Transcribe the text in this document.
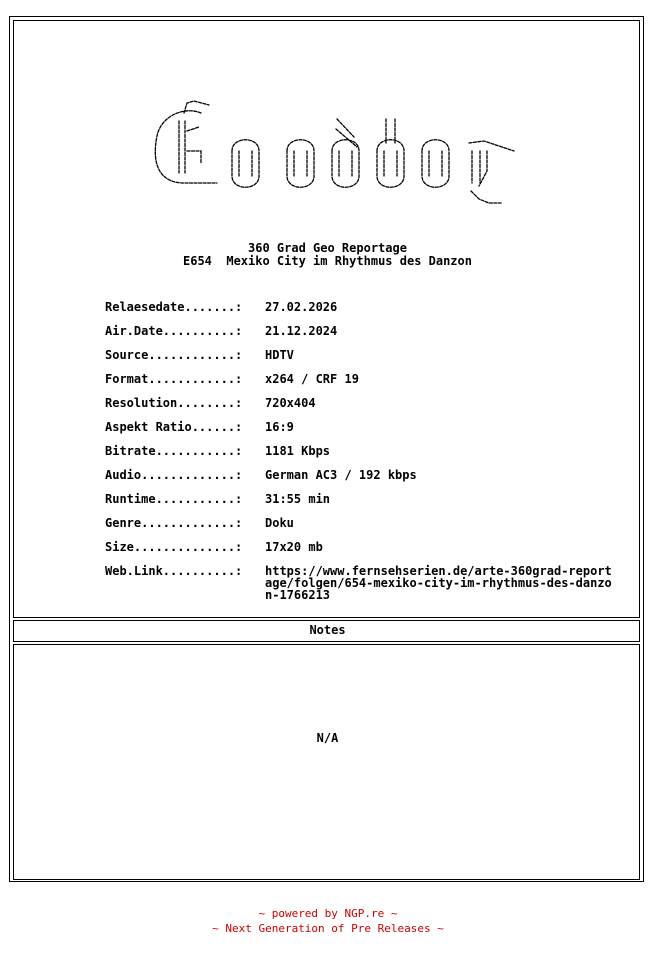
360 Grad Geo Reportage
E654  Mexiko City im Rhythmus des Danzon
Relaesedate.......: 27.02.2026
Air.Date..........: 21.12.2024
Source............: HDTV
Format............: x264 / CRF 19
Resolution........: 720x404
Aspekt Ratio......: 16:9
Bitrate...........: 1181 Kbps
Audio.............: German AC3 / 192 kbps
Runtime...........: 31:55 min
Genre.............: Doku
Size..............: 17x20 mb
Web.Link..........: https://www.fernsehserien.de/arte-360grad-reportage/folgen/654-mexiko-city-im-rhythmus-des-danzon-1766213
Notes
N/A
~ powered by NGP.re ~
~ Next Generation of Pre Releases ~
